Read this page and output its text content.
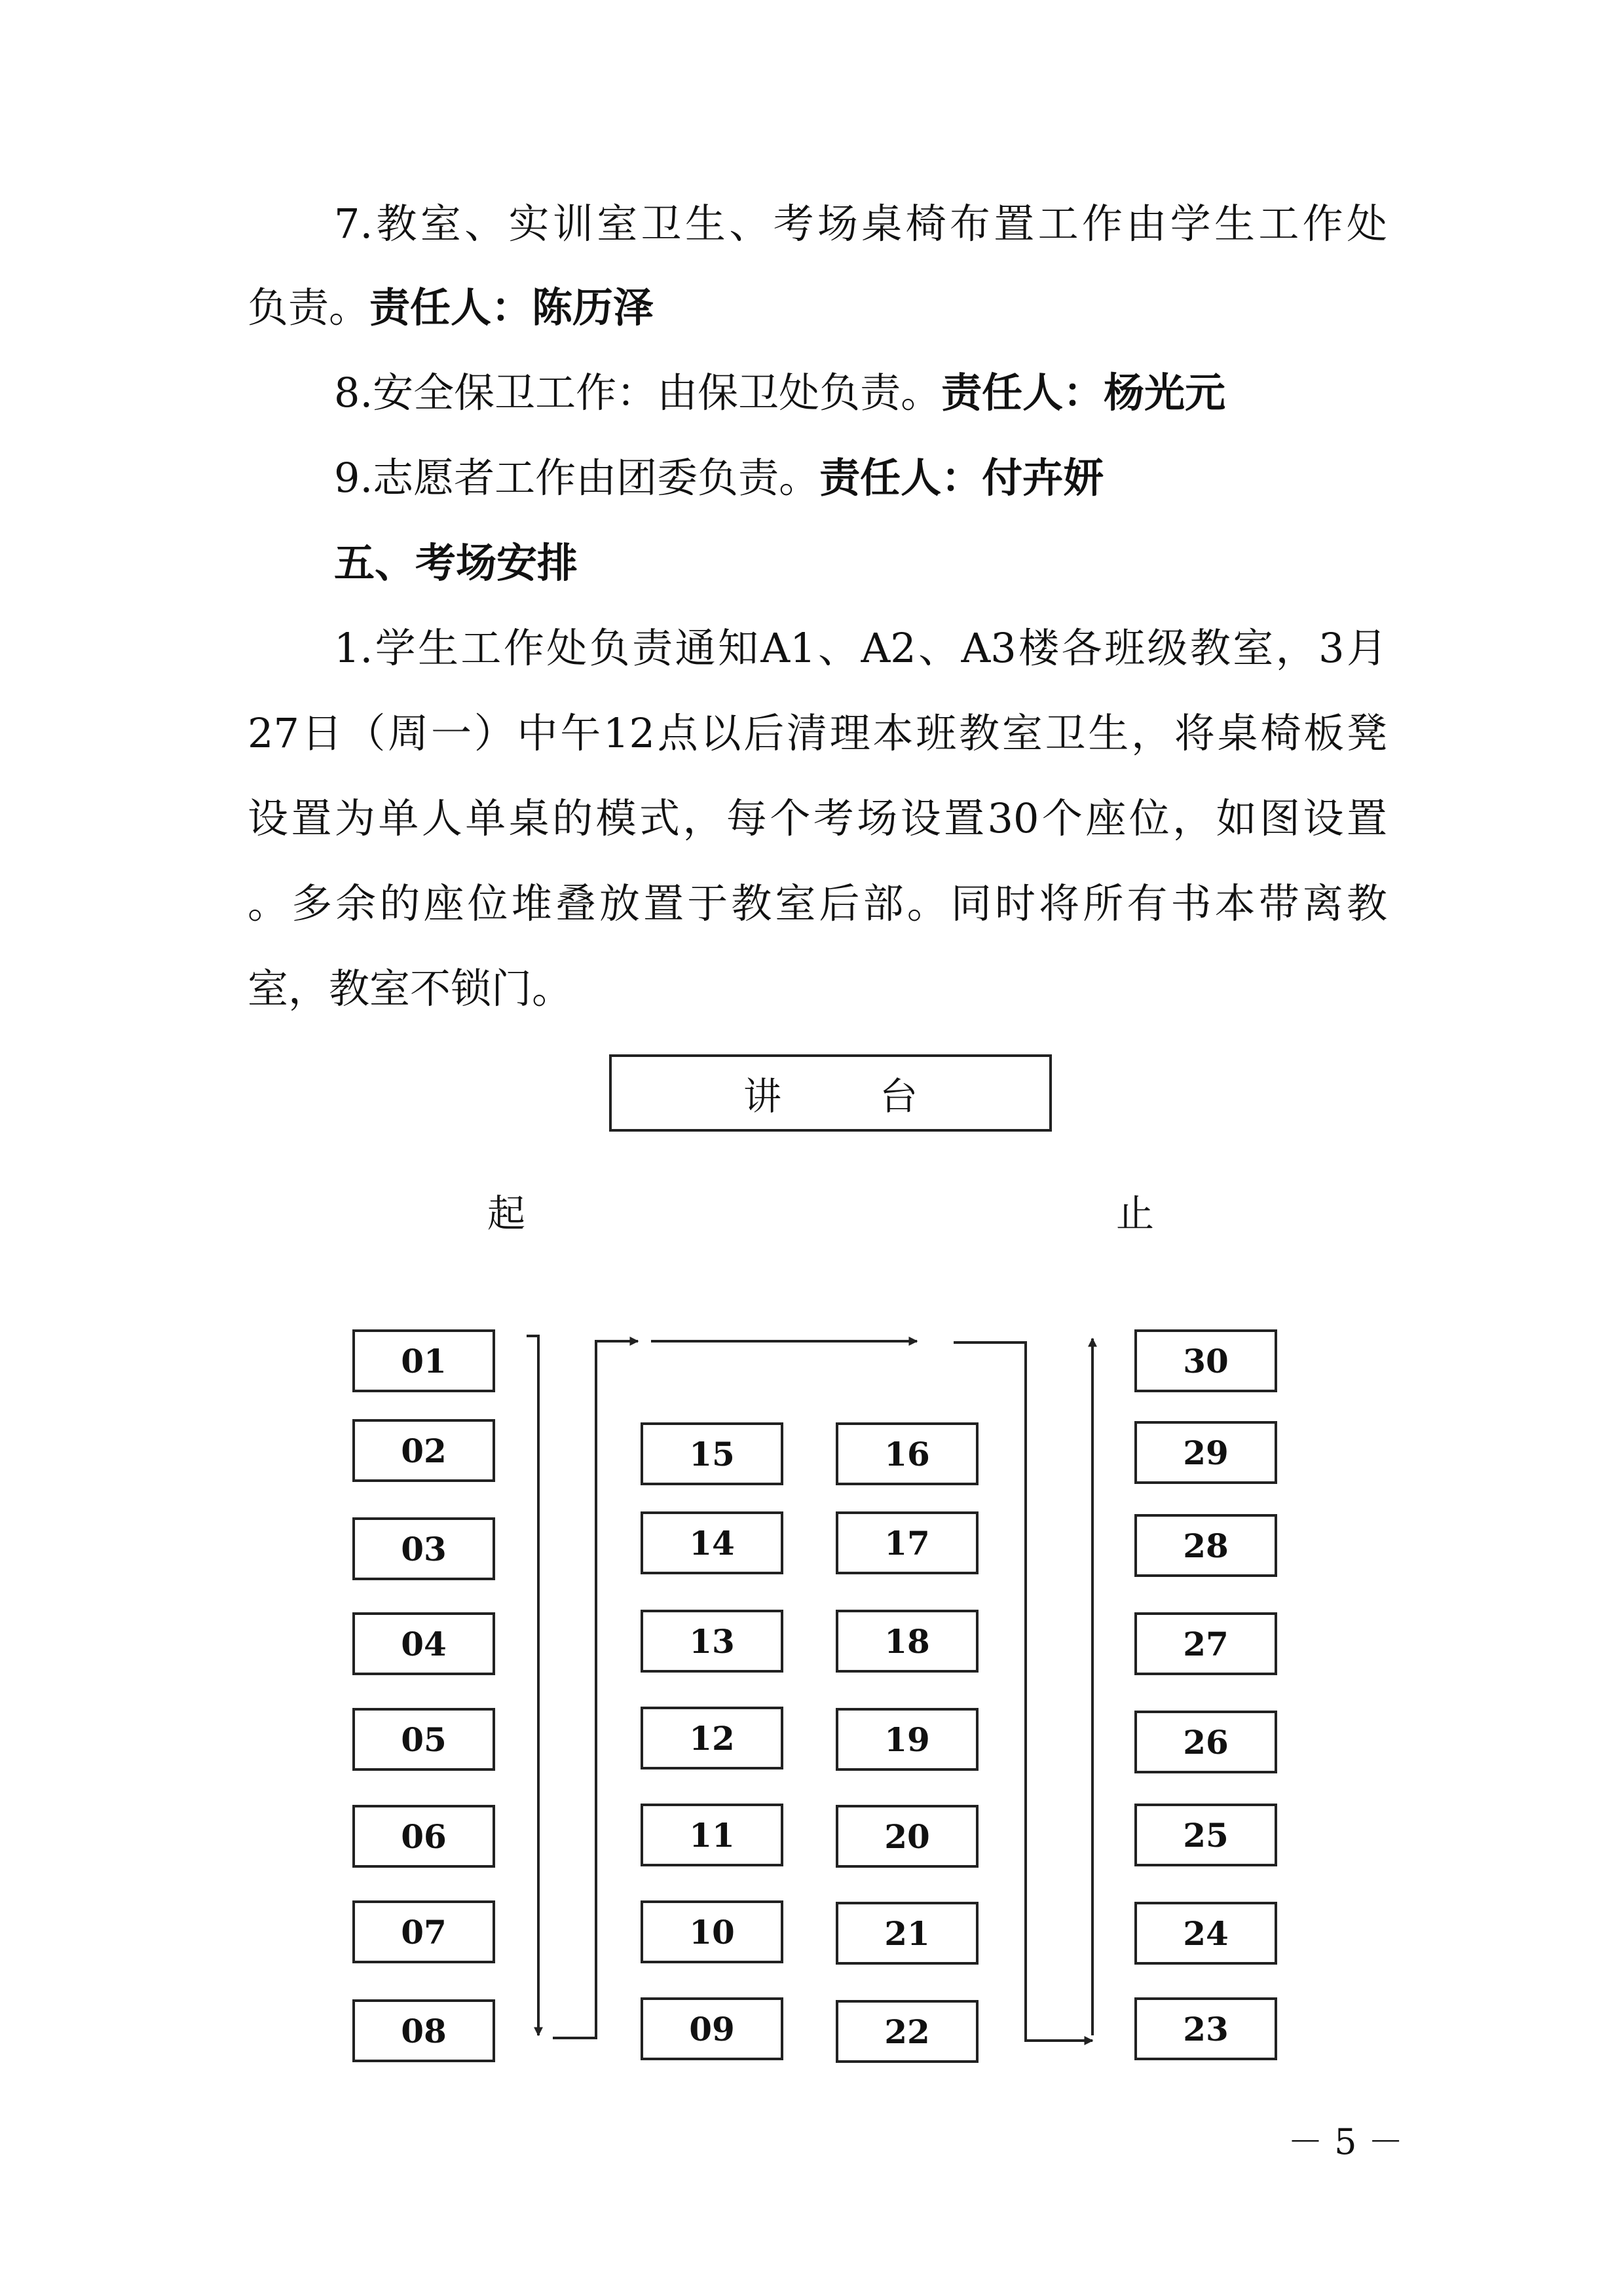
7.教室、实训室卫生、考场桌椅布置工作由学生工作处

负责。责任人：陈历泽

8.安全保卫工作：由保卫处负责。责任人：杨光元

9.志愿者工作由团委负责。责任人：付卉妍

五、考场安排

1.学生工作处负责通知A1、A2、A3楼各班级教室，3月

27日（周一）中午12点以后清理本班教室卫生，将桌椅板凳

设置为单人单桌的模式，每个考场设置30个座位，如图设置

。多余的座位堆叠放置于教室后部。同时将所有书本带离教

室，教室不锁门。

讲台
起	止
01
02
03
04
05
06
07
08
15
14
13
12
11
10
09
16
17
18
19
20
21
22
30
29
28
27
26
25
24
23
－ 5 －
